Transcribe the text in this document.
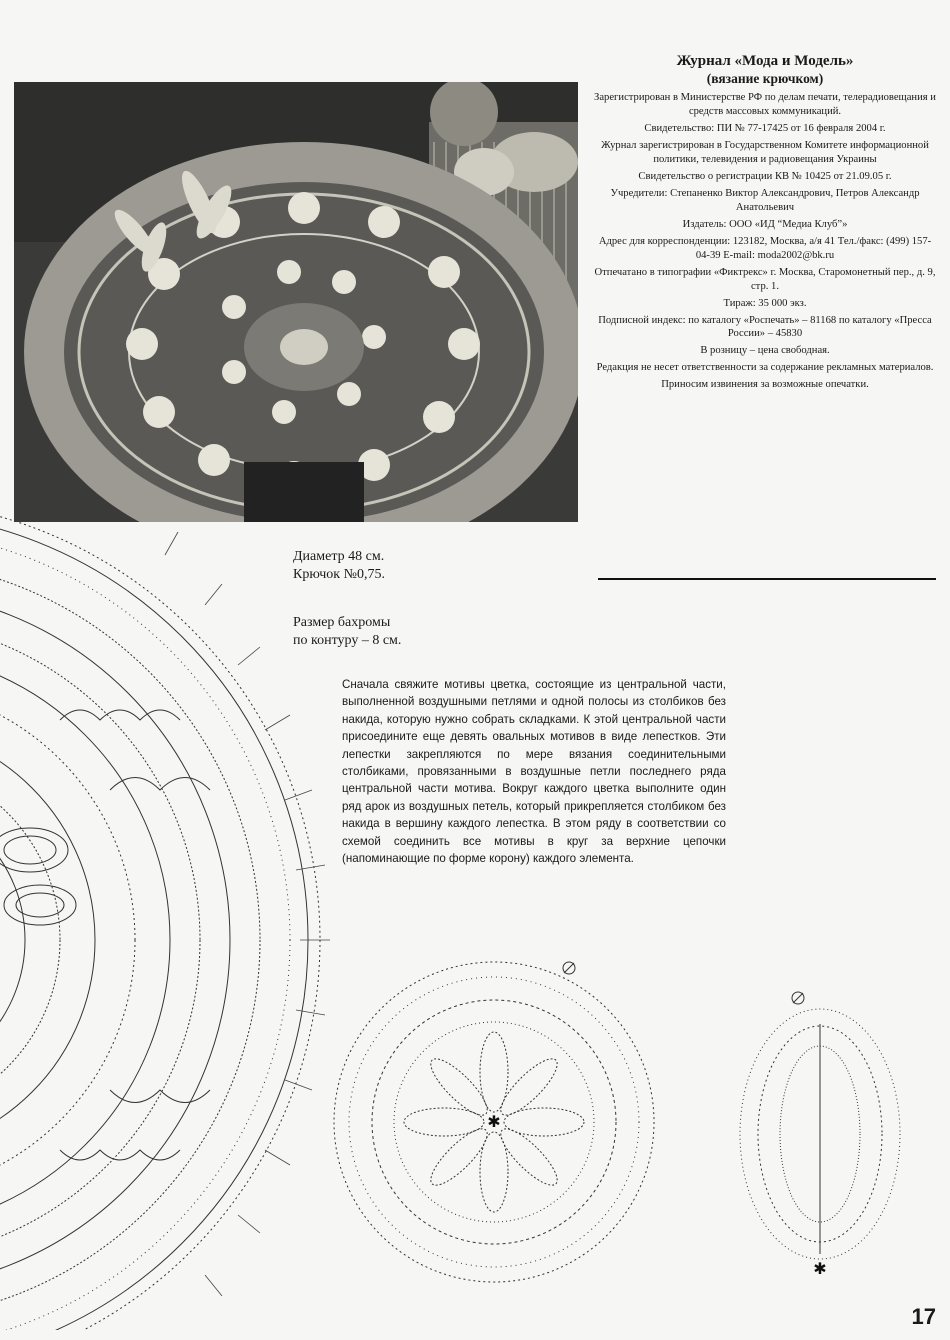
Журнал «Мода и Модель»
(вязание крючком)

Зарегистрирован в Министерстве РФ по делам печати, телерадиовещания и средств массовых коммуникаций.

Свидетельство: ПИ № 77-17425 от 16 февраля 2004 г.

Журнал зарегистрирован в Государственном Комитете информационной политики, телевидения и радиовещания Украины

Свидетельство о регистрации КВ № 10425 от 21.09.05 г.

Учредители: Степаненко Виктор Александрович, Петров Александр Анатольевич

Издатель: ООО «ИД “Медиа Клуб”»

Адрес для корреспонденции: 123182, Москва, а/я 41 Тел./факс: (499) 157-04-39 E-mail: moda2002@bk.ru

Отпечатано в типографии «Фиктрекс» г. Москва, Старомонетный пер., д. 9, стр. 1.

Тираж: 35 000 экз.

Подписной индекс: по каталогу «Роспечать» – 81168 по каталогу «Пресса России» – 45830

В розницу – цена свободная.

Редакция не несет ответственности за содержание рекламных материалов.

Приносим извинения за возможные опечатки.

Диаметр 48 см.
Крючок №0,75.
Размер бахромы
по контуру – 8 см.
Сначала свяжите мотивы цветка, состоящие из центральной части, выполненной воздушными петлями и одной полосы из столбиков без накида, которую нужно собрать складками. К этой центральной части присоедините еще девять овальных мотивов в виде лепестков. Эти лепестки закрепляются по мере вязания соединительными столбиками, провязанными в воздушные петли последнего ряда центральной части мотива. Вокруг каждого цветка выполните один ряд арок из воздушных петель, который прикрепляется столбиком без накида в вершину каждого лепестка. В этом ряду в соответствии со схемой соединить все мотивы в круг за верхние цепочки (напоминающие по форме корону) каждого элемента.
✱
✱
17
